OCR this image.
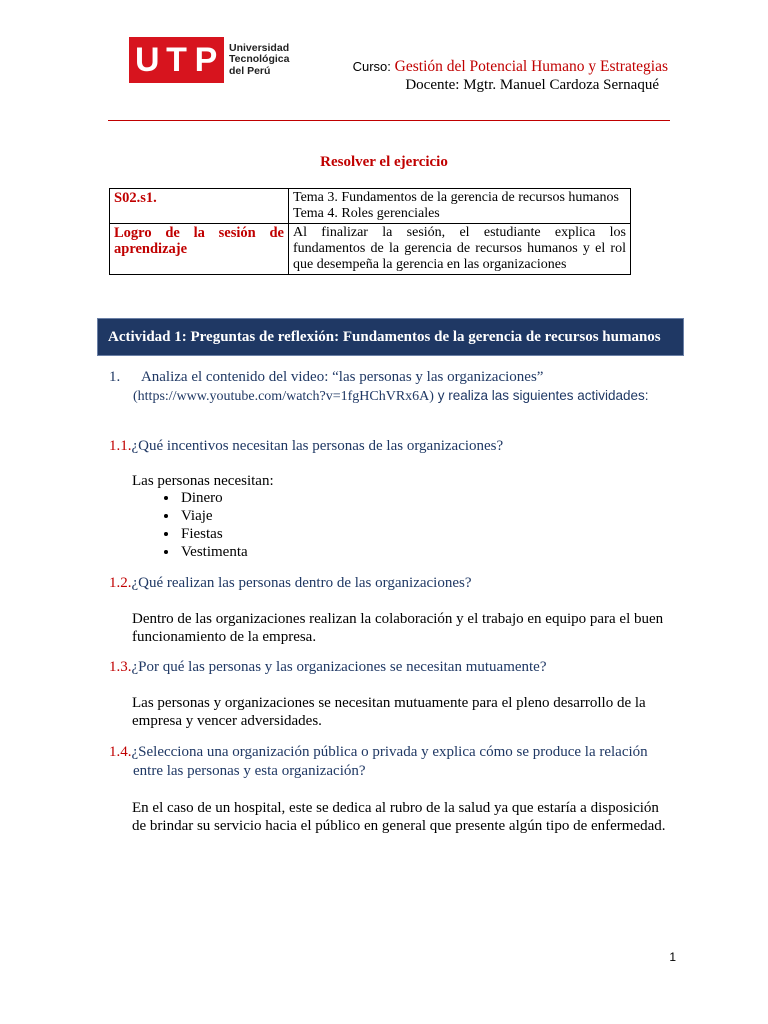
U T P Universidad
Tecnológica
del Perú	Curso: Gestión del Potencial Humano y Estrategias
Docente: Mgtr. Manuel Cardoza Sernaqué
Resolver el ejercicio
S02.s1.	Tema 3. Fundamentos de la gerencia de recursos humanos
Tema 4. Roles gerenciales

Logro de la sesión de aprendizaje	Al finalizar la sesión, el estudiante explica los fundamentos de la gerencia de recursos humanos y el rol que desempeña la gerencia en las organizaciones
Actividad 1: Preguntas de reflexión: Fundamentos de la gerencia de recursos humanos
1. Analiza el contenido del video: “las personas y las organizaciones”
(https://www.youtube.com/watch?v=1fgHChVRx6A) y realiza las siguientes actividades:
1.1.¿Qué incentivos necesitan las personas de las organizaciones?
Las personas necesitan:
• Dinero
• Viaje
• Fiestas
• Vestimenta
1.2.¿Qué realizan las personas dentro de las organizaciones?
Dentro de las organizaciones realizan la colaboración y el trabajo en equipo para el buen funcionamiento de la empresa.
1.3.¿Por qué las personas y las organizaciones se necesitan mutuamente?
Las personas y organizaciones se necesitan mutuamente para el pleno desarrollo de la empresa y vencer adversidades.
1.4.¿Selecciona una organización pública o privada y explica cómo se produce la relación
entre las personas y esta organización?
En el caso de un hospital, este se dedica al rubro de la salud ya que estaría a disposición de brindar su servicio hacia el público en general que presente algún tipo de enfermedad.
1
